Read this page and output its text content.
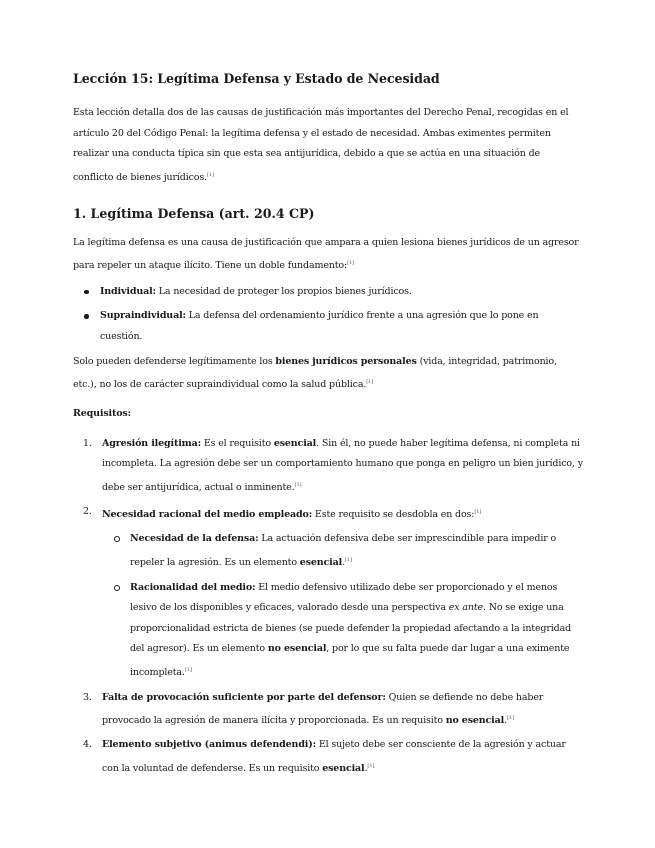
Lección 15: Legítima Defensa y Estado de Necesidad

Esta lección detalla dos de las causas de justificación más importantes del Derecho Penal, recogidas en el artículo 20 del Código Penal: la legítima defensa y el estado de necesidad. Ambas eximentes permiten realizar una conducta típica sin que esta sea antijurídica, debido a que se actúa en una situación de conflicto de bienes jurídicos.[1]

1. Legítima Defensa (art. 20.4 CP)

La legítima defensa es una causa de justificación que ampara a quien lesiona bienes jurídicos de un agresor para repeler un ataque ilícito. Tiene un doble fundamento:[1]

Individual: La necesidad de proteger los propios bienes jurídicos.
Supraindividual: La defensa del ordenamiento jurídico frente a una agresión que lo pone en cuestión.

Solo pueden defenderse legítimamente los bienes jurídicos personales (vida, integridad, patrimonio, etc.), no los de carácter supraindividual como la salud pública.[1]

Requisitos:

1. Agresión ilegítima: Es el requisito esencial. Sin él, no puede haber legítima defensa, ni completa ni incompleta. La agresión debe ser un comportamiento humano que ponga en peligro un bien jurídico, y debe ser antijurídica, actual o inminente.[1]
2. Necesidad racional del medio empleado: Este requisito se desdobla en dos:[1]
Necesidad de la defensa: La actuación defensiva debe ser imprescindible para impedir o repeler la agresión. Es un elemento esencial.[1]
Racionalidad del medio: El medio defensivo utilizado debe ser proporcionado y el menos lesivo de los disponibles y eficaces, valorado desde una perspectiva ex ante. No se exige una proporcionalidad estricta de bienes (se puede defender la propiedad afectando a la integridad del agresor). Es un elemento no esencial, por lo que su falta puede dar lugar a una eximente incompleta.[1]
3. Falta de provocación suficiente por parte del defensor: Quien se defiende no debe haber provocado la agresión de manera ilícita y proporcionada. Es un requisito no esencial.[1]
4. Elemento subjetivo (animus defendendi): El sujeto debe ser consciente de la agresión y actuar con la voluntad de defenderse. Es un requisito esencial.[1]
